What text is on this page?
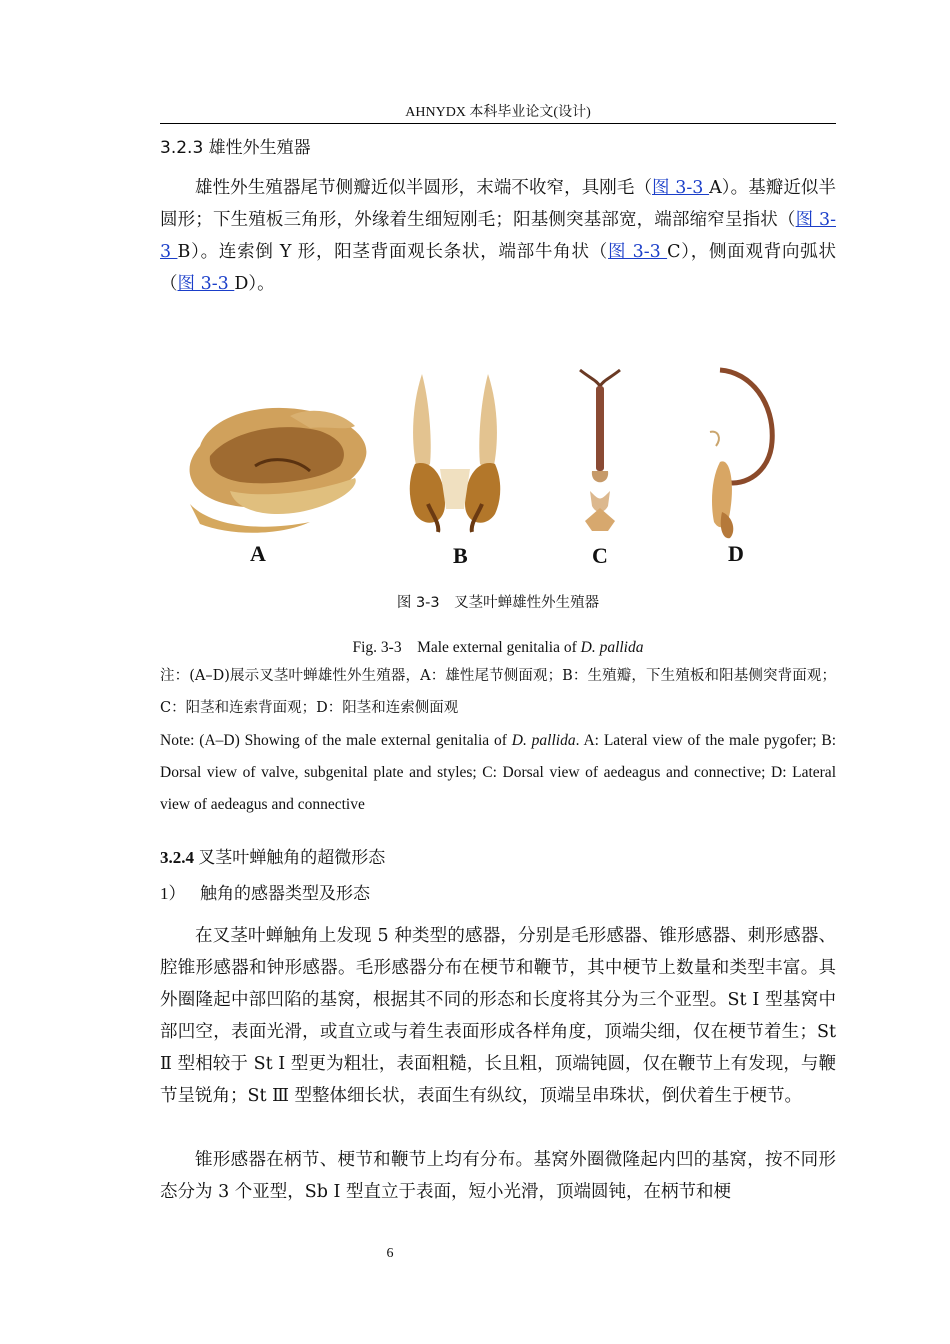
AHNYDX 本科毕业论文(设计)
3.2.3 雄性外生殖器

雄性外生殖器尾节侧瓣近似半圆形，末端不收窄，具刚毛（图 3-3 A）。基瓣近似半圆形；下生殖板三角形，外缘着生细短刚毛；阳基侧突基部宽，端部缩窄呈指状（图 3-3 B）。连索倒 Y 形，阳茎背面观长条状，端部牛角状（图 3-3 C），侧面观背向弧状（图 3-3 D）。

A	B	C	D
图 3-3　叉茎叶蝉雄性外生殖器
Fig. 3-3　Male external genitalia of D. pallida
注：(A–D)展示叉茎叶蝉雄性外生殖器，A：雄性尾节侧面观；B：生殖瓣，下生殖板和阳基侧突背面观；C：阳茎和连索背面观；D：阳茎和连索侧面观
Note: (A–D) Showing of the male external genitalia of D. pallida. A: Lateral view of the male pygofer; B: Dorsal view of valve, subgenital plate and styles; C: Dorsal view of aedeagus and connective; D: Lateral view of aedeagus and connective
3.2.4 叉茎叶蝉触角的超微形态
1） 触角的感器类型及形态

在叉茎叶蝉触角上发现 5 种类型的感器，分别是毛形感器、锥形感器、刺形感器、腔锥形感器和钟形感器。毛形感器分布在梗节和鞭节，其中梗节上数量和类型丰富。具外圈隆起中部凹陷的基窝，根据其不同的形态和长度将其分为三个亚型。St Ⅰ 型基窝中部凹空，表面光滑，或直立或与着生表面形成各样角度，顶端尖细，仅在梗节着生；St Ⅱ 型相较于 St Ⅰ 型更为粗壮，表面粗糙，长且粗，顶端钝圆，仅在鞭节上有发现，与鞭节呈锐角；St Ⅲ 型整体细长状，表面生有纵纹，顶端呈串珠状，倒伏着生于梗节。

锥形感器在柄节、梗节和鞭节上均有分布。基窝外圈微隆起内凹的基窝，按不同形态分为 3 个亚型，Sb Ⅰ 型直立于表面，短小光滑，顶端圆钝，在柄节和梗

6
